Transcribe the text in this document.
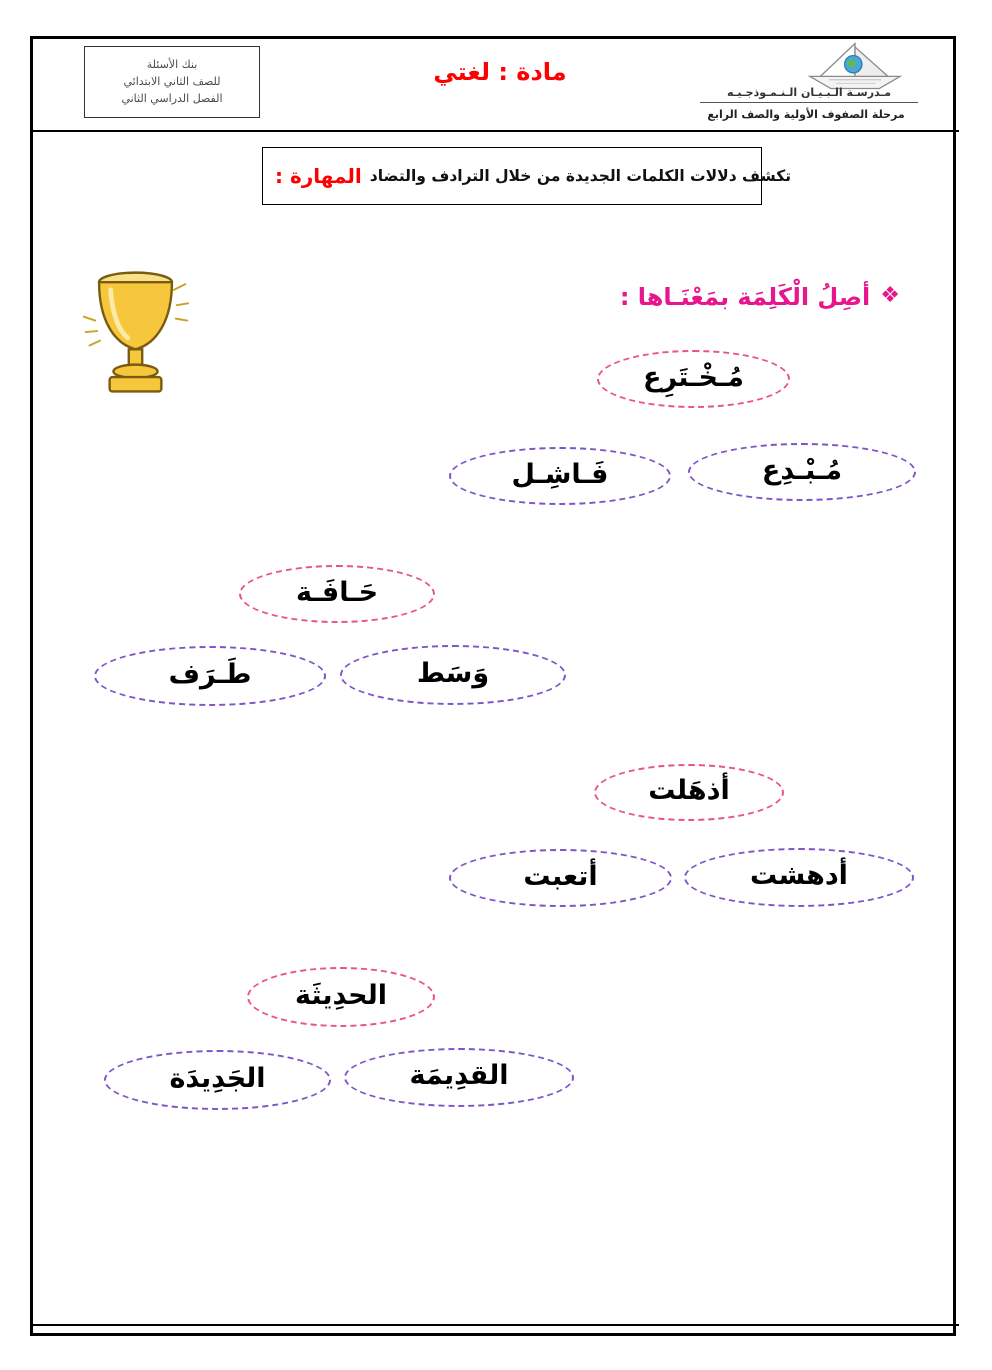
بنك الأسئلة
للصف الثاني الابتدائي
الفصل الدراسي الثاني
مادة : لغتي
مـدرسـة الـبـيـان الـنـمـوذجـيـه
مرحلة الصفوف الأولية والصف الرابع
المهارة : تكشف دلالات الكلمات الجديدة من خلال الترادف والتضاد
❖
أصِلُ الْكَلِمَة بمَعْنَـاها :
مُـخْـتَرِع
فَـاشِـل	مُـبْـدِع
حَـافَـة
طَـرَف	وَسَط
أذهَلت
أتعبت	أدهشت
الحدِيثَة
الجَدِيدَة	القدِيمَة
